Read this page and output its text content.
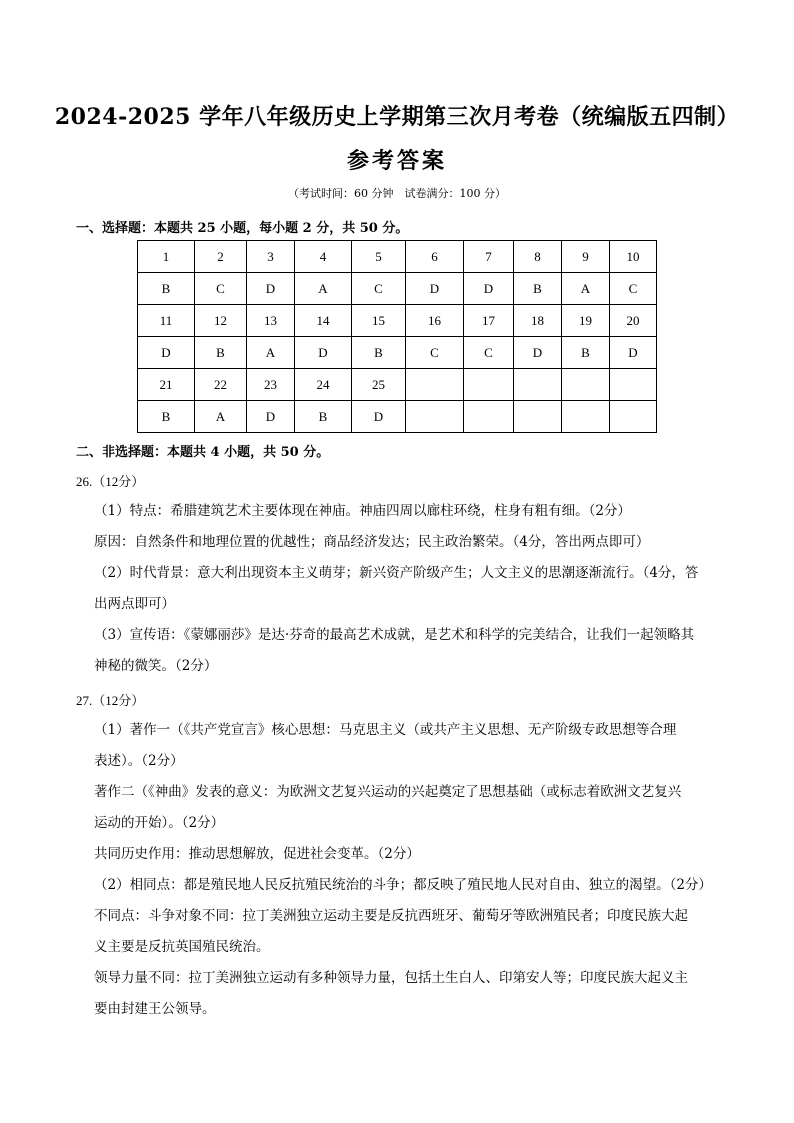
2024-2025 学年八年级历史上学期第三次月考卷（统编版五四制）
参考答案
（考试时间：60 分钟　试卷满分：100 分）
一、选择题：本题共 25 小题，每小题 2 分，共 50 分。
1	2	3	4	5	6	7	8	9	10
B	C	D	A	C	D	D	B	A	C
11	12	13	14	15	16	17	18	19	20
D	B	A	D	B	C	C	D	B	D
21	22	23	24	25					
B	A	D	B	D					
二、非选择题：本题共 4 小题，共 50 分。
26.（12分）
（1）特点：希腊建筑艺术主要体现在神庙。神庙四周以廊柱环绕，柱身有粗有细。（2分）
原因：自然条件和地理位置的优越性；商品经济发达；民主政治繁荣。（4分，答出两点即可）
（2）时代背景：意大利出现资本主义萌芽；新兴资产阶级产生；人文主义的思潮逐渐流行。（4分，答
出两点即可）
（3）宣传语：《蒙娜丽莎》是达·芬奇的最高艺术成就，是艺术和科学的完美结合，让我们一起领略其
神秘的微笑。（2分）
27.（12分）
（1）著作一（《共产党宣言》核心思想：马克思主义（或共产主义思想、无产阶级专政思想等合理
表述）。（2分）
著作二（《神曲》发表的意义：为欧洲文艺复兴运动的兴起奠定了思想基础（或标志着欧洲文艺复兴
运动的开始）。（2分）
共同历史作用：推动思想解放，促进社会变革。（2分）
（2）相同点：都是殖民地人民反抗殖民统治的斗争；都反映了殖民地人民对自由、独立的渴望。（2分）
不同点：斗争对象不同：拉丁美洲独立运动主要是反抗西班牙、葡萄牙等欧洲殖民者；印度民族大起
义主要是反抗英国殖民统治。
领导力量不同：拉丁美洲独立运动有多种领导力量，包括土生白人、印第安人等；印度民族大起义主
要由封建王公领导。
